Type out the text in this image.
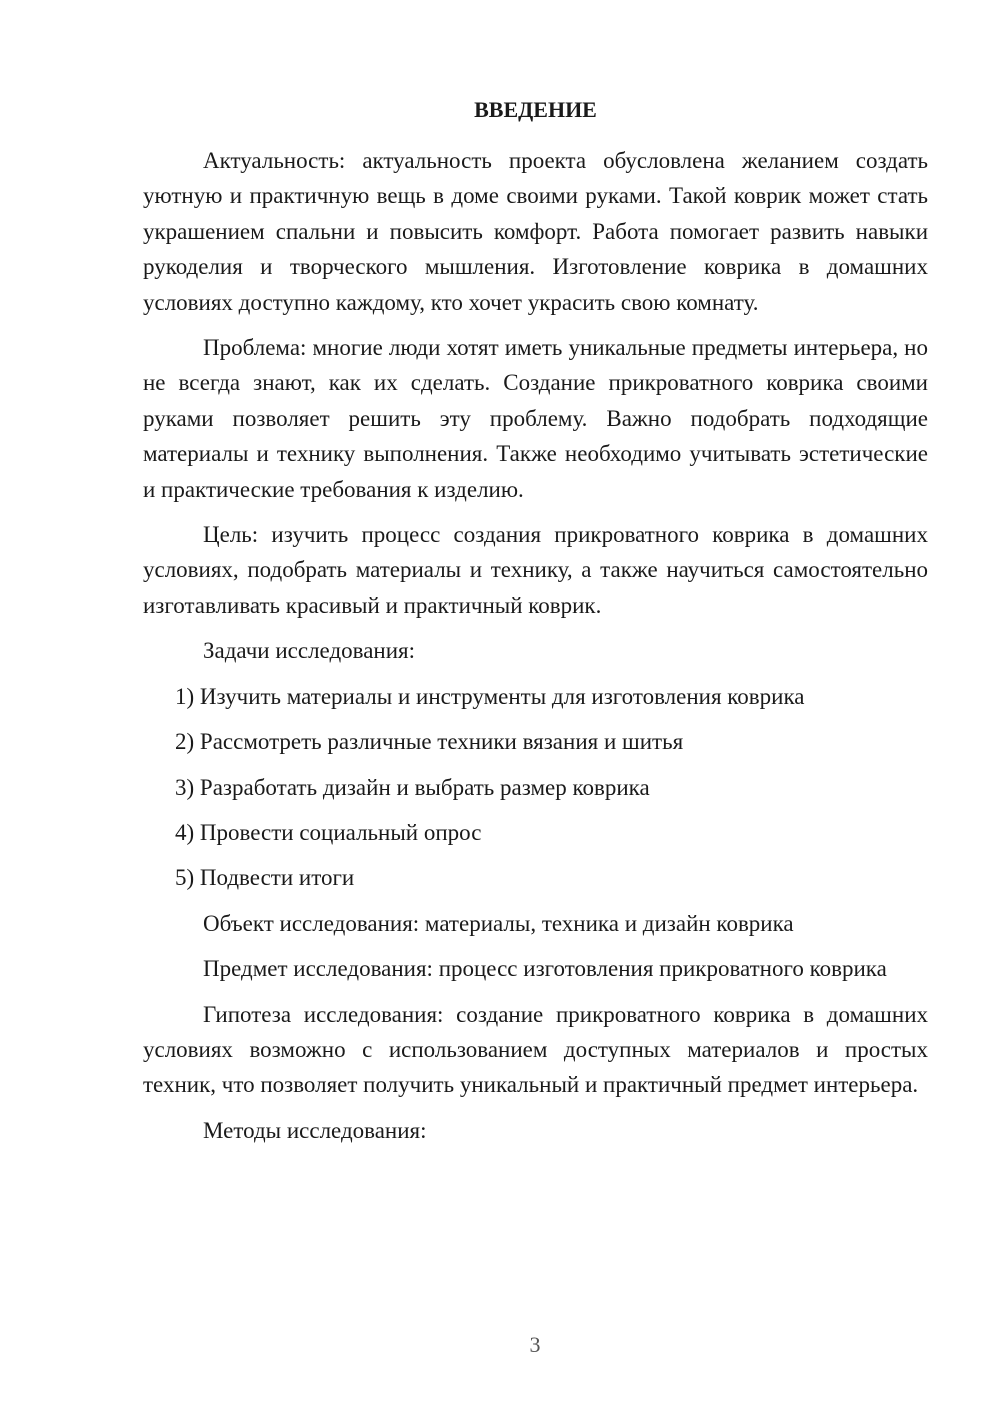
ВВЕДЕНИЕ

Актуальность: актуальность проекта обусловлена желанием создать уютную и практичную вещь в доме своими руками. Такой коврик может стать украшением спальни и повысить комфорт. Работа помогает развить навыки рукоделия и творческого мышления. Изготовление коврика в домашних условиях доступно каждому, кто хочет украсить свою комнату.

Проблема: многие люди хотят иметь уникальные предметы интерьера, но не всегда знают, как их сделать. Создание прикроватного коврика своими руками позволяет решить эту проблему. Важно подобрать подходящие материалы и технику выполнения. Также необходимо учитывать эстетические и практические требования к изделию.

Цель: изучить процесс создания прикроватного коврика в домашних условиях, подобрать материалы и технику, а также научиться самостоятельно изготавливать красивый и практичный коврик.

Задачи исследования:

1) Изучить материалы и инструменты для изготовления коврика

2) Рассмотреть различные техники вязания и шитья

3) Разработать дизайн и выбрать размер коврика

4) Провести социальный опрос

5) Подвести итоги

Объект исследования: материалы, техника и дизайн коврика

Предмет исследования: процесс изготовления прикроватного коврика

Гипотеза исследования: создание прикроватного коврика в домашних условиях возможно с использованием доступных материалов и простых техник, что позволяет получить уникальный и практичный предмет интерьера.

Методы исследования:

3
